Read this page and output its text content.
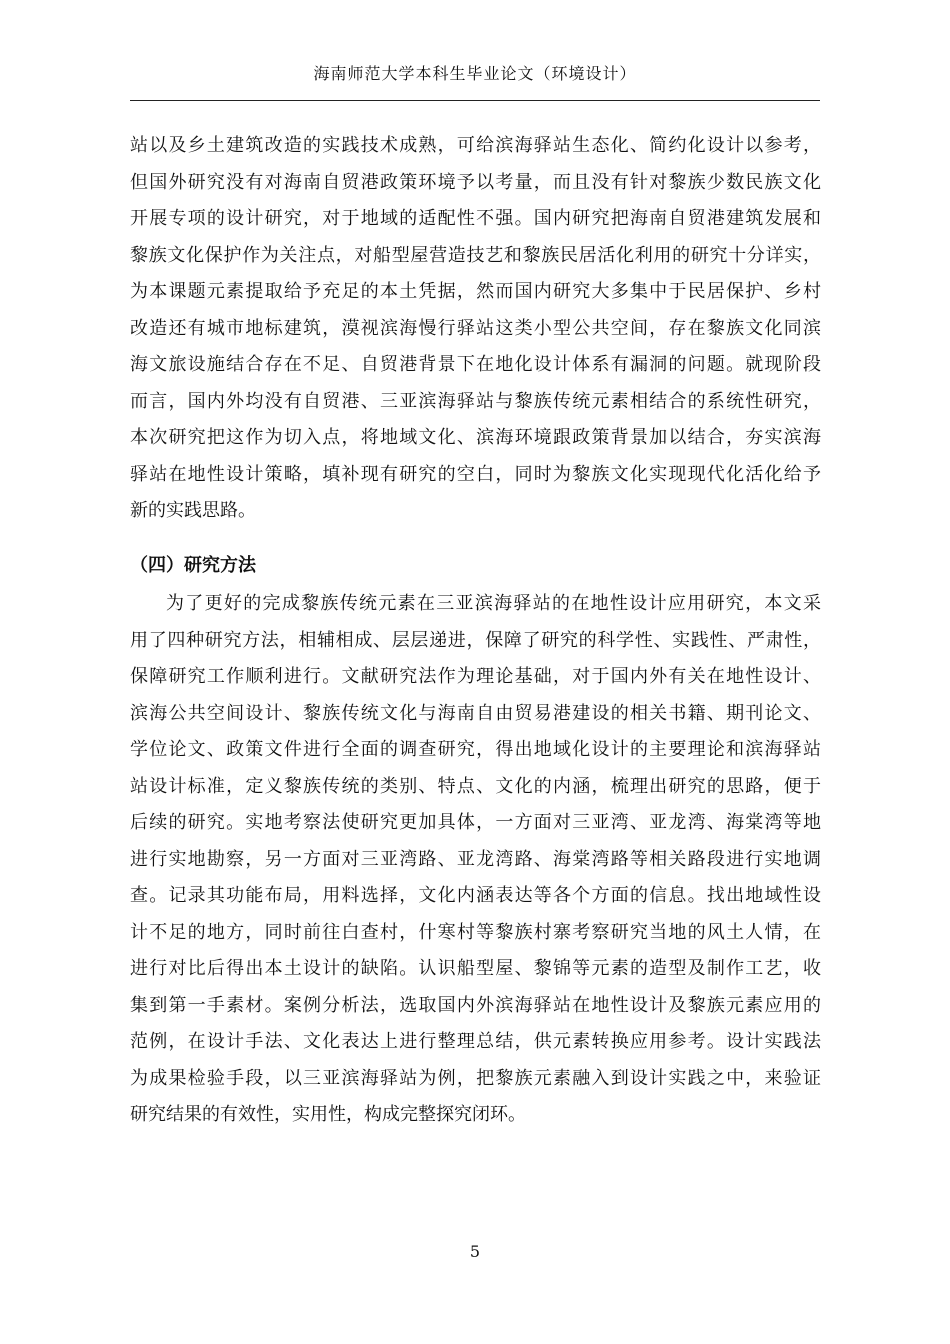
海南师范大学本科生毕业论文（环境设计）
站以及乡土建筑改造的实践技术成熟，可给滨海驿站生态化、简约化设计以参考，
但国外研究没有对海南自贸港政策环境予以考量，而且没有针对黎族少数民族文化
开展专项的设计研究，对于地域的适配性不强。国内研究把海南自贸港建筑发展和
黎族文化保护作为关注点，对船型屋营造技艺和黎族民居活化利用的研究十分详实，
为本课题元素提取给予充足的本土凭据，然而国内研究大多集中于民居保护、乡村
改造还有城市地标建筑，漠视滨海慢行驿站这类小型公共空间，存在黎族文化同滨
海文旅设施结合存在不足、自贸港背景下在地化设计体系有漏洞的问题。就现阶段
而言，国内外均没有自贸港、三亚滨海驿站与黎族传统元素相结合的系统性研究，
本次研究把这作为切入点，将地域文化、滨海环境跟政策背景加以结合，夯实滨海
驿站在地性设计策略，填补现有研究的空白，同时为黎族文化实现现代化活化给予
新的实践思路。
（四）研究方法
为了更好的完成黎族传统元素在三亚滨海驿站的在地性设计应用研究，本文采
用了四种研究方法，相辅相成、层层递进，保障了研究的科学性、实践性、严肃性，
保障研究工作顺利进行。文献研究法作为理论基础，对于国内外有关在地性设计、
滨海公共空间设计、黎族传统文化与海南自由贸易港建设的相关书籍、期刊论文、
学位论文、政策文件进行全面的调查研究，得出地域化设计的主要理论和滨海驿站
站设计标准，定义黎族传统的类别、特点、文化的内涵，梳理出研究的思路，便于
后续的研究。实地考察法使研究更加具体，一方面对三亚湾、亚龙湾、海棠湾等地
进行实地勘察，另一方面对三亚湾路、亚龙湾路、海棠湾路等相关路段进行实地调
查。记录其功能布局，用料选择，文化内涵表达等各个方面的信息。找出地域性设
计不足的地方，同时前往白查村，什寒村等黎族村寨考察研究当地的风土人情，在
进行对比后得出本土设计的缺陷。认识船型屋、黎锦等元素的造型及制作工艺，收
集到第一手素材。案例分析法，选取国内外滨海驿站在地性设计及黎族元素应用的
范例，在设计手法、文化表达上进行整理总结，供元素转换应用参考。设计实践法
为成果检验手段，以三亚滨海驿站为例，把黎族元素融入到设计实践之中，来验证
研究结果的有效性，实用性，构成完整探究闭环。
5
